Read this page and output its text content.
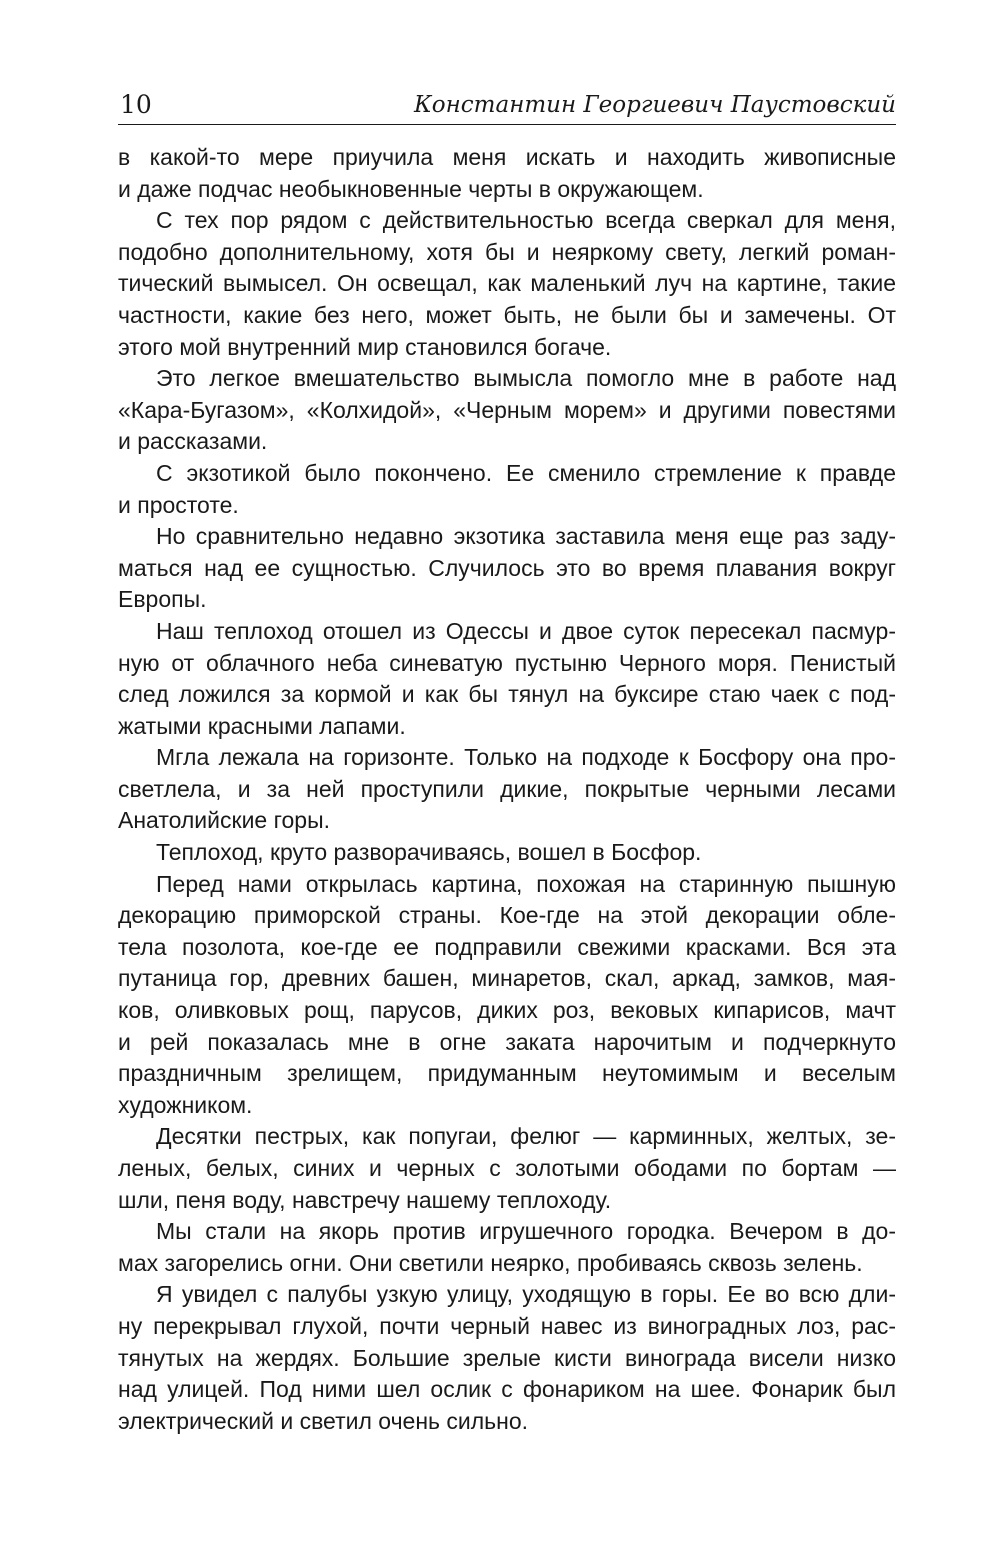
10	Константин Георгиевич Паустовский
в какой-то мере приучила меня искать и находить живописные
и даже подчас необыкновенные черты в окружающем.
С тех пор рядом с действительностью всегда сверкал для меня,
подобно дополнительному, хотя бы и неяркому свету, легкий роман-
тический вымысел. Он освещал, как маленький луч на картине, такие
частности, какие без него, может быть, не были бы и замечены. От
этого мой внутренний мир становился богаче.
Это легкое вмешательство вымысла помогло мне в работе над
«Кара-Бугазом», «Колхидой», «Черным морем» и другими повестями
и рассказами.
С экзотикой было покончено. Ее сменило стремление к правде
и простоте.
Но сравнительно недавно экзотика заставила меня еще раз заду-
маться над ее сущностью. Случилось это во время плавания вокруг
Европы.
Наш теплоход отошел из Одессы и двое суток пересекал пасмур-
ную от облачного неба синеватую пустыню Черного моря. Пенистый
след ложился за кормой и как бы тянул на буксире стаю чаек с под-
жатыми красными лапами.
Мгла лежала на горизонте. Только на подходе к Босфору она про-
светлела, и за ней проступили дикие, покрытые черными лесами
Анатолийские горы.
Теплоход, круто разворачиваясь, вошел в Босфор.
Перед нами открылась картина, похожая на старинную пышную
декорацию приморской страны. Кое-где на этой декорации обле-
тела позолота, кое-где ее подправили свежими красками. Вся эта
путаница гор, древних башен, минаретов, скал, аркад, замков, мая-
ков, оливковых рощ, парусов, диких роз, вековых кипарисов, мачт
и рей показалась мне в огне заката нарочитым и подчеркнуто
праздничным зрелищем, придуманным неутомимым и веселым
художником.
Десятки пестрых, как попугаи, фелюг — карминных, желтых, зе-
леных, белых, синих и черных с золотыми ободами по бортам —
шли, пеня воду, навстречу нашему теплоходу.
Мы стали на якорь против игрушечного городка. Вечером в до-
мах загорелись огни. Они светили неярко, пробиваясь сквозь зелень.
Я увидел с палубы узкую улицу, уходящую в горы. Ее во всю дли-
ну перекрывал глухой, почти черный навес из виноградных лоз, рас-
тянутых на жердях. Большие зрелые кисти винограда висели низко
над улицей. Под ними шел ослик с фонариком на шее. Фонарик был
электрический и светил очень сильно.
